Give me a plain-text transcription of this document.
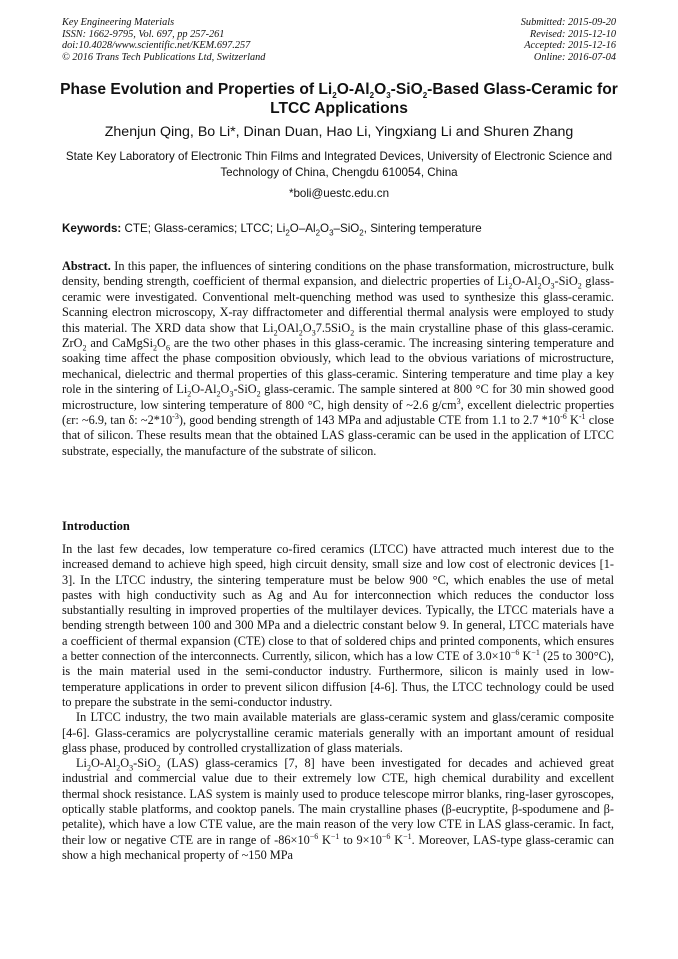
Key Engineering Materials
ISSN: 1662-9795, Vol. 697, pp 257-261
doi:10.4028/www.scientific.net/KEM.697.257
© 2016 Trans Tech Publications Ltd, Switzerland
Submitted: 2015-09-20
Revised: 2015-12-10
Accepted: 2015-12-16
Online: 2016-07-04
Phase Evolution and Properties of $Li_2O-Al_2O_3-SiO_2$-Based Glass-Ceramic for LTCC Applications
Zhenjun Qing, Bo Li*, Dinan Duan, Hao Li, Yingxiang Li and Shuren Zhang
State Key Laboratory of Electronic Thin Films and Integrated Devices, University of Electronic Science and Technology of China, Chengdu 610054, China
*boli@uestc.edu.cn
Keywords: CTE; Glass-ceramics; LTCC; $Li_2O-Al_2O_3-SiO_2$, Sintering temperature
Abstract. In this paper, the influences of sintering conditions on the phase transformation, microstructure, bulk density, bending strength, coefficient of thermal expansion, and dielectric properties of $Li_2O-Al_2O_3-SiO_2$ glass-ceramic were investigated. Conventional melt-quenching method was used to synthesize this glass-ceramic. Scanning electron microscopy, X-ray diffractometer and differential thermal analysis were employed to study this material. The XRD data show that $Li_2OAl_2O_37.5SiO_2$ is the main crystalline phase of this glass-ceramic. ZrO$_2$ and $CaMgSi_2O_6$ are the two other phases in this glass-ceramic. The increasing sintering temperature and soaking time affect the phase composition obviously, which lead to the obvious variations of microstructure, mechanical, dielectric and thermal properties of this glass-ceramic. Sintering temperature and time play a key role in the sintering of $Li_2O-Al_2O_3-SiO_2$ glass-ceramic. The sample sintered at 800 °C for 30 min showed good microstructure, low sintering temperature of 800 °C, high density of ~2.6 $g/cm^3$, excellent dielectric properties (εr: ~6.9, tan δ: $\sim 2*10^{-3}$), good bending strength of 143 MPa and adjustable CTE from 1.1 to 2.7 $*10^{-6}$ $K^{-1}$ close that of silicon. These results mean that the obtained LAS glass-ceramic can be used in the application of LTCC substrate, especially, the manufacture of the substrate of silicon.
Introduction

In the last few decades, low temperature co-fired ceramics (LTCC) have attracted much interest due to the increased demand to achieve high speed, high circuit density, small size and low cost of electronic devices [1-3]. In the LTCC industry, the sintering temperature must be below 900 °C, which enables the use of metal pastes with high conductivity such as Ag and Au for interconnection which reduces the conductor loss substantially resulting in improved properties of the multilayer devices. Typically, the LTCC materials have a bending strength between 100 and 300 MPa and a dielectric constant below 9. In general, LTCC materials have a coefficient of thermal expansion (CTE) close to that of soldered chips and printed components, which ensures a better connection of the interconnects. Currently, silicon, which has a low CTE of $3.0\times 10^{-6}$ $K^{-1}$ (25 to 300°C), is the main material used in the semi-conductor industry. Furthermore, silicon is mainly used in low-temperature applications in order to prevent silicon diffusion [4-6]. Thus, the LTCC technology could be used to prepare the substrate in the semi-conductor industry.

In LTCC industry, the two main available materials are glass-ceramic system and glass/ceramic composite [4-6]. Glass-ceramics are polycrystalline ceramic materials generally with an important amount of residual glass phase, produced by controlled crystallization of glass materials.

$Li_2O-Al_2O_3-SiO_2$ (LAS) glass-ceramics [7, 8] have been investigated for decades and achieved great industrial and commercial value due to their extremely low CTE, high chemical durability and excellent thermal shock resistance. LAS system is mainly used to produce telescope mirror blanks, ring-laser gyroscopes, optically stable platforms, and cooktop panels. The main crystalline phases (β-eucryptite, β-spodumene and β-petalite), which have a low CTE value, are the main reason of the very low CTE in LAS glass-ceramic. In fact, their low or negative CTE are in range of $-86\times 10^{-6}$ $K^{-1}$ to $9\times 10^{-6}$ $K^{-1}$. Moreover, LAS-type glass-ceramic can show a high mechanical property of ~150 MPa
